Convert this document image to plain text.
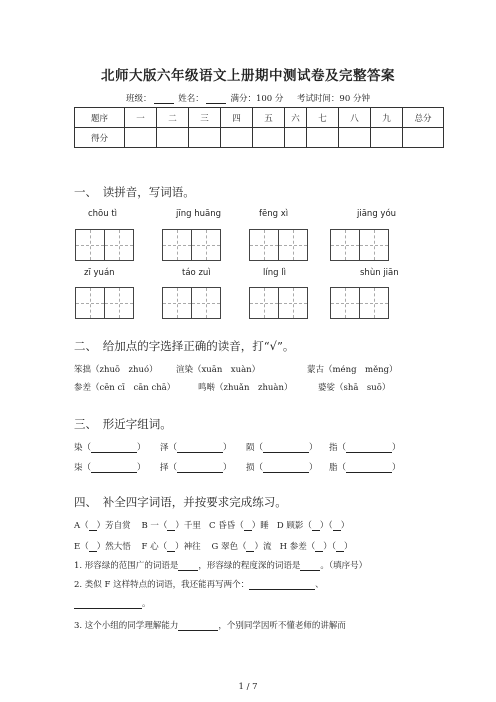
北师大版六年级语文上册期中测试卷及完整答案
班级：	姓名：	满分：100 分 考试时间：90 分钟
题序	一	二	三	四	五	六	七	八	九	总分
得分										
一、　读拼音，写词语。
chōu tì	jīng huāng	fēng xì	jiāng yóu
zī yuán	táo zuì	líng lì	shùn jiān
二、　给加点的字选择正确的读音，打“√”。
笨拙（zhuō　zhuó） 渲染（xuān　xuàn）	蒙古（méng　měng）
参差（cēn cī　cān chā）	鸣啭（zhuǎn　zhuàn）	婆娑（shā　suō）
三、　形近字组词。
染（	） 泽（	） 陨（	） 指（	）
柒（	） 择（	） 损（	） 脂（	）
四、　补全四字词语，并按要求完成练习。
A（ ）芳自赏 B 一（ ）千里 C 昏昏（ ）睡 D 顾影（ ）（ ）
E（ ）然大悟 F 心（ ）神往 G 翠色（ ）流 H 参差（ ）（ ）
1. 形容绿的范围广的词语是 ，形容绿的程度深的词语是 。（填序号）
2. 类似 F 这样特点的词语，我还能再写两个：	、
。
3. 这个小组的同学理解能力	，个别同学因听不懂老师的讲解而
1 / 7
